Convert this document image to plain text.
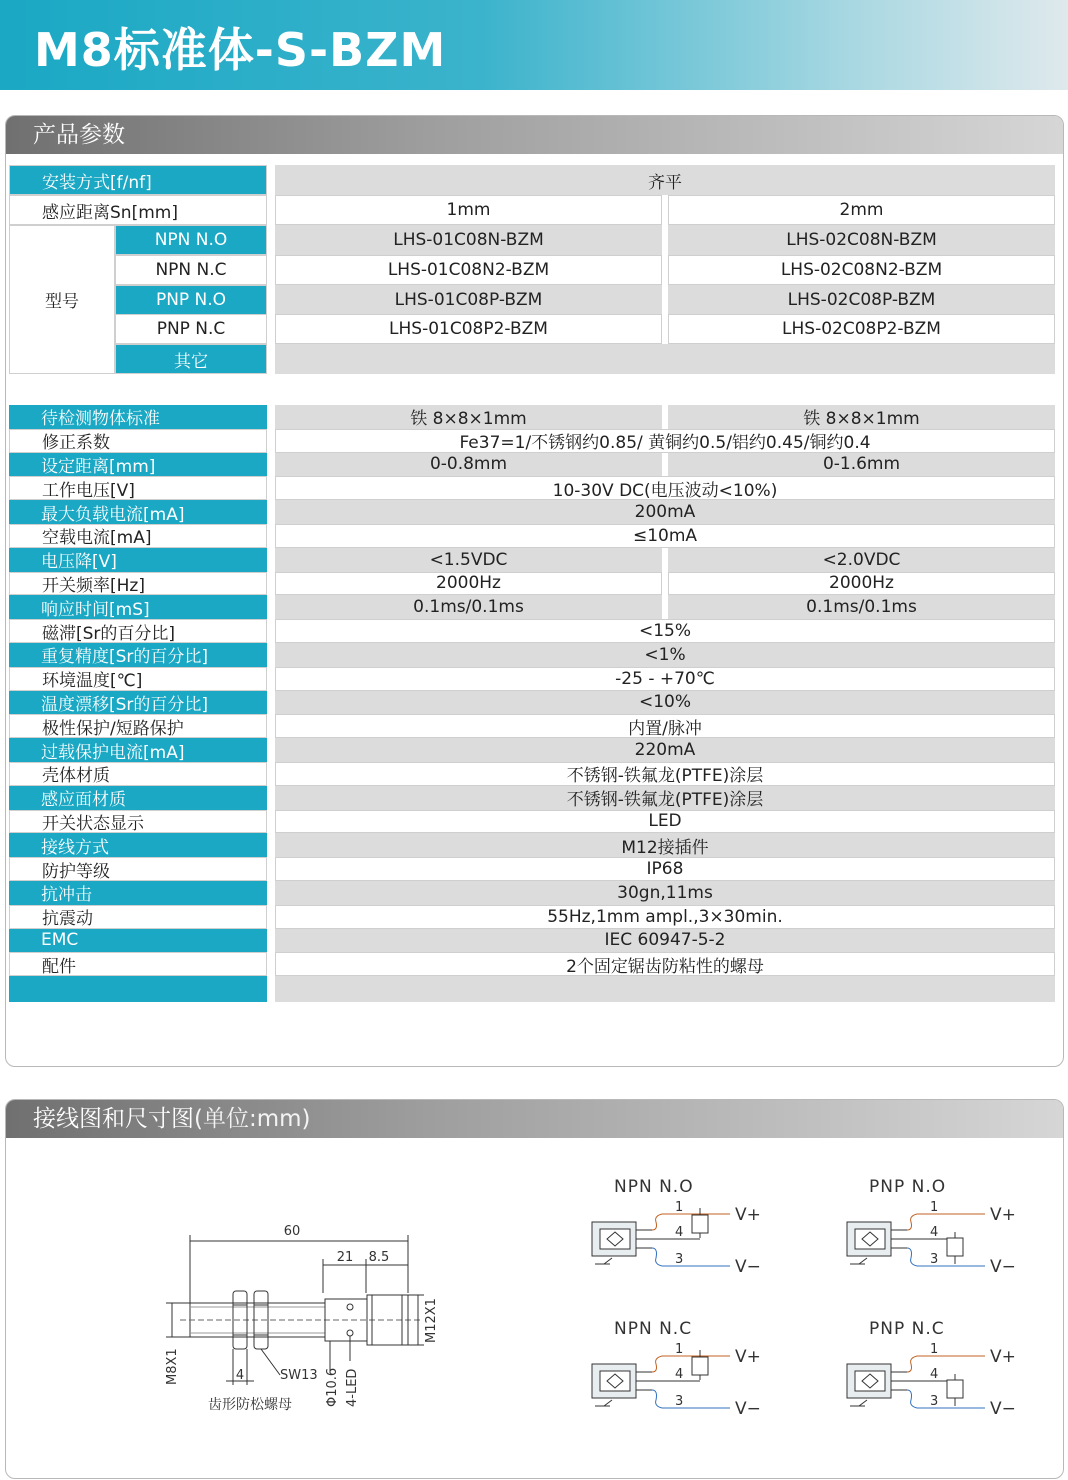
M8标准体-S-BZM
产品参数
安装方式[f/nf]	齐平
感应距离Sn[mm]	1mm	2mm
型号
NPN N.O	LHS-01C08N-BZM	LHS-02C08N-BZM
NPN N.C	LHS-01C08N2-BZM	LHS-02C08N2-BZM
PNP N.O	LHS-01C08P-BZM	LHS-02C08P-BZM
PNP N.C	LHS-01C08P2-BZM	LHS-02C08P2-BZM
其它
待检测物体标准	铁 8×8×1mm	铁 8×8×1mm
修正系数	Fe37=1/不锈钢约0.85/ 黄铜约0.5/铝约0.45/铜约0.4
设定距离[mm]	0-0.8mm	0-1.6mm
工作电压[V]	10-30V DC(电压波动<10%)
最大负载电流[mA]	200mA
空载电流[mA]	≤10mA
电压降[V]	<1.5VDC	<2.0VDC
开关频率[Hz]	2000Hz	2000Hz
响应时间[mS]	0.1ms/0.1ms	0.1ms/0.1ms
磁滞[Sr的百分比]	<15%
重复精度[Sr的百分比]	<1%
环境温度[℃]	-25 - +70℃
温度漂移[Sr的百分比]	<10%
极性保护/短路保护	内置/脉冲
过载保护电流[mA]	220mA
壳体材质	不锈钢-铁氟龙(PTFE)涂层
感应面材质	不锈钢-铁氟龙(PTFE)涂层
开关状态显示	LED
接线方式	M12接插件
防护等级	IP68
抗冲击	30gn,11ms
抗震动	55Hz,1mm ampl.,3×30min.
EMC	IEC 60947-5-2
配件	2个固定锯齿防粘性的螺母
接线图和尺寸图(单位:mm)
60
21 8.5
4	SW13
齿形防松螺母
M8X1
M12X1
Φ10.6 4-LED
NPN N.O
1
4
3
V+
V−
PNP N.O
1
4
3
V+
V−
NPN N.C
1
4
3
V+
V−
PNP N.C
1
4
3
V+
V−
